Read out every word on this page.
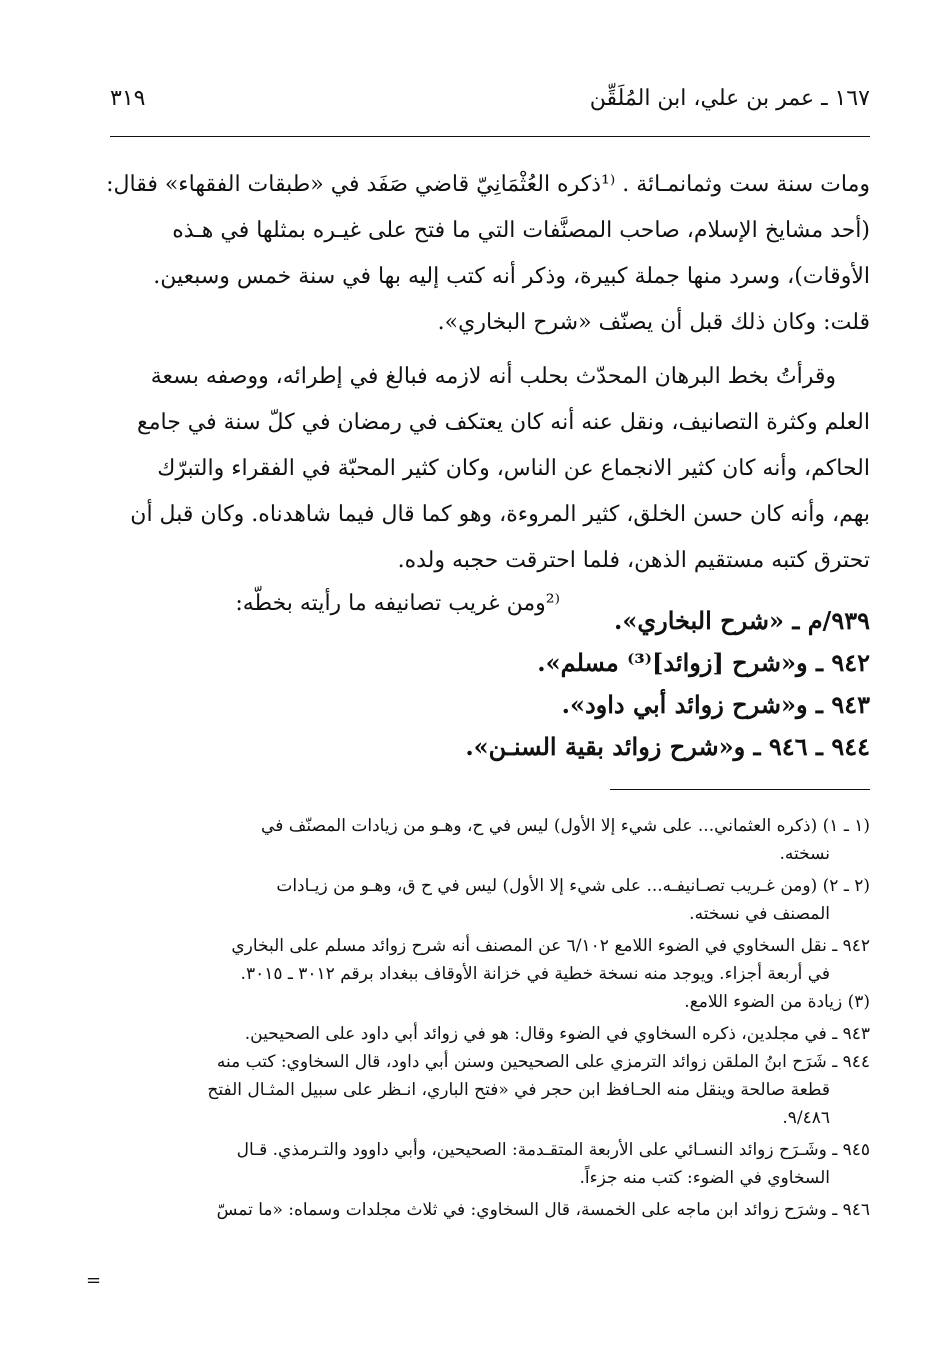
١٦٧ ـ عمر بن علي، ابن المُلَقِّن
٣١٩
ومات سنة ست وثمانمـائة . ⁽¹ذكره العُثْمَانِيّ قاضي صَفَد في «طبقات الفقهاء» فقال:
(أحد مشايخ الإسلام، صاحب المصنَّفات التي ما فتح على غيـره بمثلها في هـذه
الأوقات)، وسرد منها جملة كبيرة، وذكر أنه كتب إليه بها في سنة خمس وسبعين.
قلت: وكان ذلك قبل أن يصنّف «شرح البخاري».
وقرأتُ بخط البرهان المحدّث بحلب أنه لازمه فبالغ في إطرائه، ووصفه بسعة
العلم وكثرة التصانيف، ونقل عنه أنه كان يعتكف في رمضان في كلّ سنة في جامع
الحاكم، وأنه كان كثير الانجماع عن الناس، وكان كثير المحبّة في الفقراء والتبرّك
بهم، وأنه كان حسن الخلق، كثير المروءة، وهو كما قال فيما شاهدناه. وكان قبل أن
تحترق كتبه مستقيم الذهن، فلما احترقت حجبه ولده.
⁽²ومن غريب تصانيفه ما رأيته بخطّه:
٩٣٩/م ـ «شرح البخاري».
٩٤٢ ـ و«شرح [زوائد]⁽³⁾ مسلم».
٩٤٣ ـ و«شرح زوائد أبي داود».
٩٤٤ ـ ٩٤٦ ـ و«شرح زوائد بقية السنـن».
(١ ـ ١) (ذكره العثماني... على شيء إلا الأول) ليس في ح، وهـو من زيادات المصنّف في
نسخته.
(٢ ـ ٢) (ومن غـريب تصـانيفـه... على شيء إلا الأول) ليس في ح ق، وهـو من زيـادات
المصنف في نسخته.
٩٤٢ ـ نقل السخاوي في الضوء اللامع ٦/١٠٢ عن المصنف أنه شرح زوائد مسلم على البخاري
في أربعة أجزاء. ويوجد منه نسخة خطية في خزانة الأوقاف ببغداد برقم ٣٠١٢ ـ ٣٠١٥.
(٣) زيادة من الضوء اللامع.
٩٤٣ ـ في مجلدين، ذكره السخاوي في الضوء وقال: هو في زوائد أبي داود على الصحيحين.
٩٤٤ ـ شَرَح ابنُ الملقن زوائد الترمزي على الصحيحين وسنن أبي داود، قال السخاوي: كتب منه
قطعة صالحة وينقل منه الحـافظ ابن حجر في «فتح الباري، انـظر على سبيل المثـال الفتح
٩/٤٨٦.
٩٤٥ ـ وشَـرَح زوائد النسـائي على الأربعة المتقـدمة: الصحيحين، وأبي داوود والتـرمذي. قـال
السخاوي في الضوء: كتب منه جزءاً.
٩٤٦ ـ وشرَح زوائد ابن ماجه على الخمسة، قال السخاوي: في ثلاث مجلدات وسماه: «ما تمسّ
=
